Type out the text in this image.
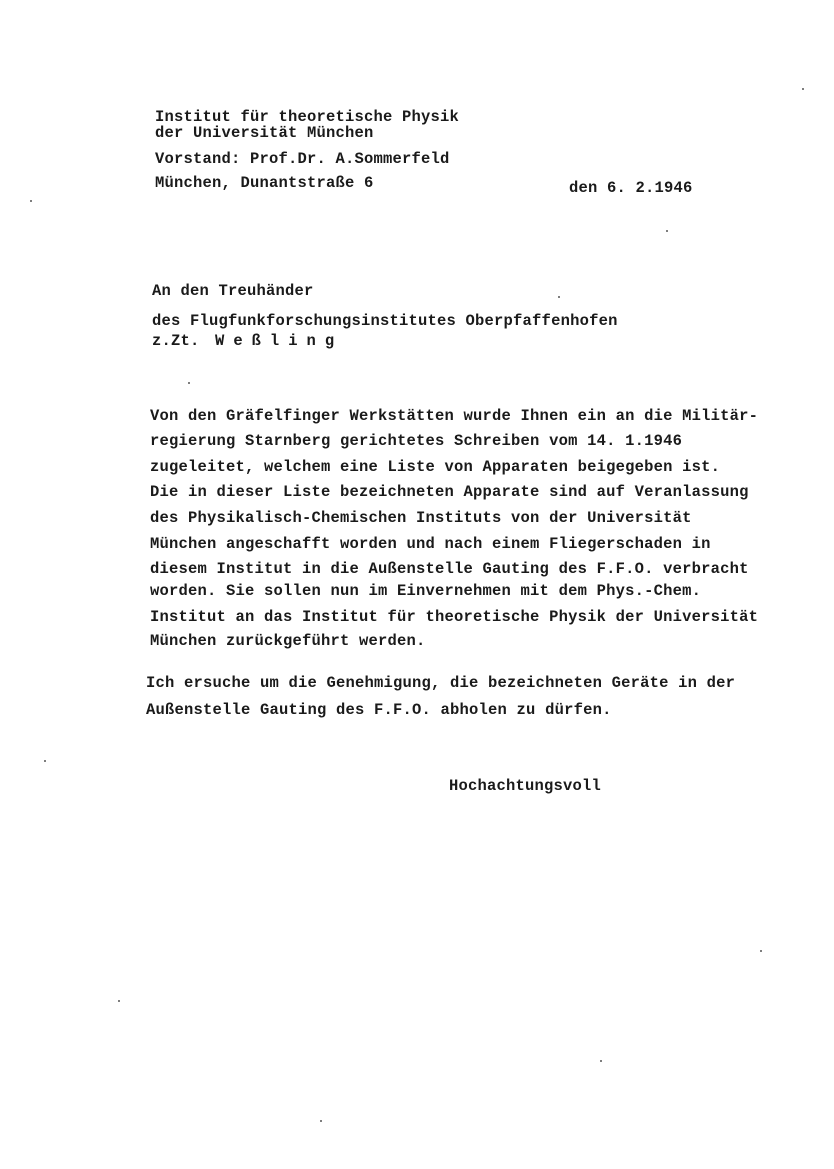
Institut für theoretische Physik
der Universität München
Vorstand: Prof.Dr. A.Sommerfeld
München, Dunantstraße 6	den 6. 2.1946
An den Treuhänder
des Flugfunkforschungsinstitutes Oberpfaffenhofen
z.Zt. Weßling
Von den Gräfelfinger Werkstätten wurde Ihnen ein an die Militär-
regierung Starnberg gerichtetes Schreiben vom 14. 1.1946
zugeleitet, welchem eine Liste von Apparaten beigegeben ist.
Die in dieser Liste bezeichneten Apparate sind auf Veranlassung
des Physikalisch-Chemischen Instituts von der Universität
München angeschafft worden und nach einem Fliegerschaden in
diesem Institut in die Außenstelle Gauting des F.F.O. verbracht
worden. Sie sollen nun im Einvernehmen mit dem Phys.-Chem.
Institut an das Institut für theoretische Physik der Universität
München zurückgeführt werden.
Ich ersuche um die Genehmigung, die bezeichneten Geräte in der
Außenstelle Gauting des F.F.O. abholen zu dürfen.
Hochachtungsvoll
